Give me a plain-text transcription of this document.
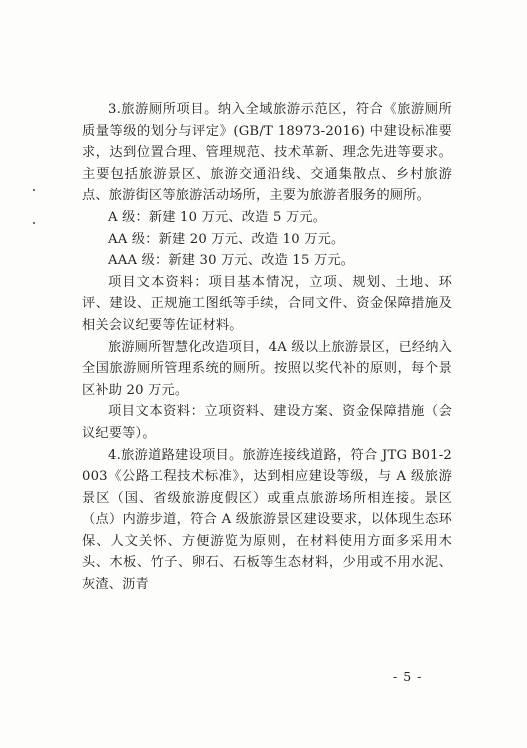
3.旅游厕所项目。纳入全域旅游示范区，符合《旅游厕所质量等级的划分与评定》(GB/T 18973-2016) 中建设标准要求，达到位置合理、管理规范、技术革新、理念先进等要求。主要包括旅游景区、旅游交通沿线、交通集散点、乡村旅游点、旅游街区等旅游活动场所，主要为旅游者服务的厕所。

A 级：新建 10 万元、改造 5 万元。

AA 级：新建 20 万元、改造 10 万元。

AAA 级：新建 30 万元、改造 15 万元。

项目文本资料：项目基本情况，立项、规划、土地、环评、建设、正规施工图纸等手续，合同文件、资金保障措施及相关会议纪要等佐证材料。

旅游厕所智慧化改造项目，4A 级以上旅游景区，已经纳入全国旅游厕所管理系统的厕所。按照以奖代补的原则，每个景区补助 20 万元。

项目文本资料：立项资料、建设方案、资金保障措施（会议纪要等）。

4.旅游道路建设项目。旅游连接线道路，符合 JTG B01-2003《公路工程技术标准》，达到相应建设等级，与 A 级旅游景区（国、省级旅游度假区）或重点旅游场所相连接。景区（点）内游步道，符合 A 级旅游景区建设要求，以体现生态环保、人文关怀、方便游览为原则，在材料使用方面多采用木头、木板、竹子、卵石、石板等生态材料，少用或不用水泥、灰渣、沥青

- 5 -
